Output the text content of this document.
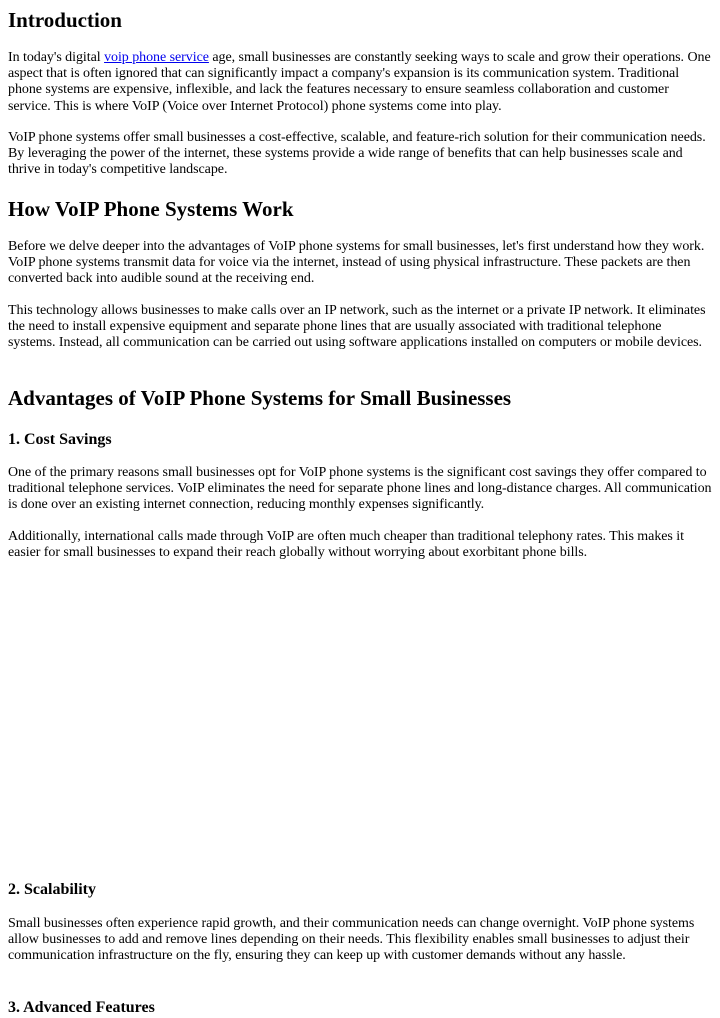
Introduction

In today's digital voip phone service age, small businesses are constantly seeking ways to scale and grow their operations. One aspect that is often ignored that can significantly impact a company's expansion is its communication system. Traditional phone systems are expensive, inflexible, and lack the features necessary to ensure seamless collaboration and customer service. This is where VoIP (Voice over Internet Protocol) phone systems come into play.

VoIP phone systems offer small businesses a cost-effective, scalable, and feature-rich solution for their communication needs. By leveraging the power of the internet, these systems provide a wide range of benefits that can help businesses scale and thrive in today's competitive landscape.

How VoIP Phone Systems Work

Before we delve deeper into the advantages of VoIP phone systems for small businesses, let's first understand how they work. VoIP phone systems transmit data for voice via the internet, instead of using physical infrastructure. These packets are then converted back into audible sound at the receiving end.

This technology allows businesses to make calls over an IP network, such as the internet or a private IP network. It eliminates the need to install expensive equipment and separate phone lines that are usually associated with traditional telephone systems. Instead, all communication can be carried out using software applications installed on computers or mobile devices.

Advantages of VoIP Phone Systems for Small Businesses
1. Cost Savings

One of the primary reasons small businesses opt for VoIP phone systems is the significant cost savings they offer compared to traditional telephone services. VoIP eliminates the need for separate phone lines and long-distance charges. All communication is done over an existing internet connection, reducing monthly expenses significantly.

Additionally, international calls made through VoIP are often much cheaper than traditional telephony rates. This makes it easier for small businesses to expand their reach globally without worrying about exorbitant phone bills.

2. Scalability

Small businesses often experience rapid growth, and their communication needs can change overnight. VoIP phone systems allow businesses to add and remove lines depending on their needs. This flexibility enables small businesses to adjust their communication infrastructure on the fly, ensuring they can keep up with customer demands without any hassle.

3. Advanced Features
